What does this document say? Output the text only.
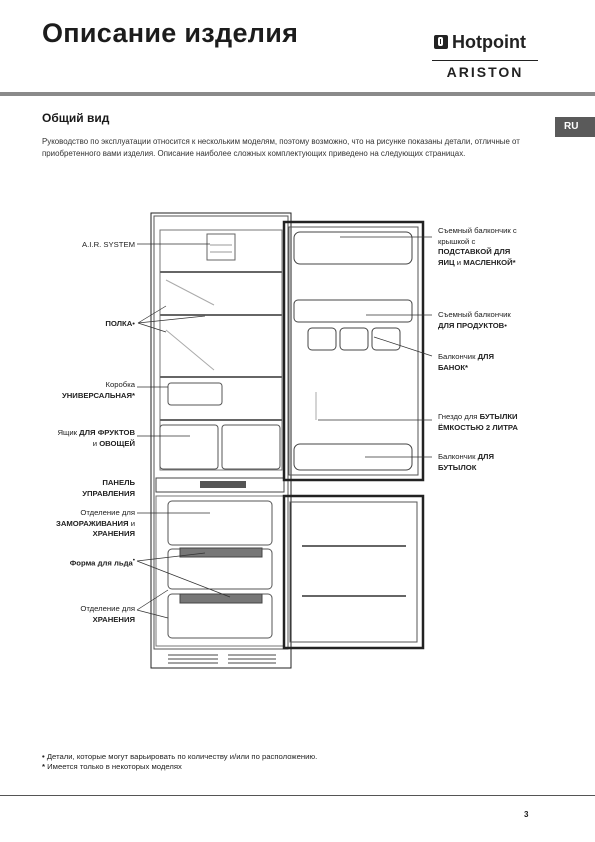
Описание изделия	Hotpoint
ARISTON
Общий вид
RU
Руководство по эксплуатации относится к нескольким моделям, поэтому возможно, что на рисунке показаны детали, отличные от приобретенного вами изделия. Описание наиболее сложных комплектующих приведено на следующих страницах.
A.I.R. SYSTEM
ПОЛКА•
Коробка
УНИВЕРСАЛЬНАЯ*
Ящик ДЛЯ ФРУКТОВ
и ОВОЩЕЙ
ПАНЕЛЬ
УПРАВЛЕНИЯ
Отделение для
ЗАМОРАЖИВАНИЯ и
ХРАНЕНИЯ
Форма для льда•
Отделение для
ХРАНЕНИЯ
Съемный балкончик с
крышкой с
ПОДСТАВКОЙ ДЛЯ
ЯИЦ и МАСЛЕНКОЙ*
Съемный балкончик
ДЛЯ ПРОДУКТОВ•
Балкончик ДЛЯ
БАНОК*
Гнездо для БУТЫЛКИ
ЁМКОСТЬЮ 2 ЛИТРА
Балкончик ДЛЯ
БУТЫЛОК
• Детали, которые могут варьировать по количеству и/или по расположению.
* Имеется только в некоторых моделях
3
